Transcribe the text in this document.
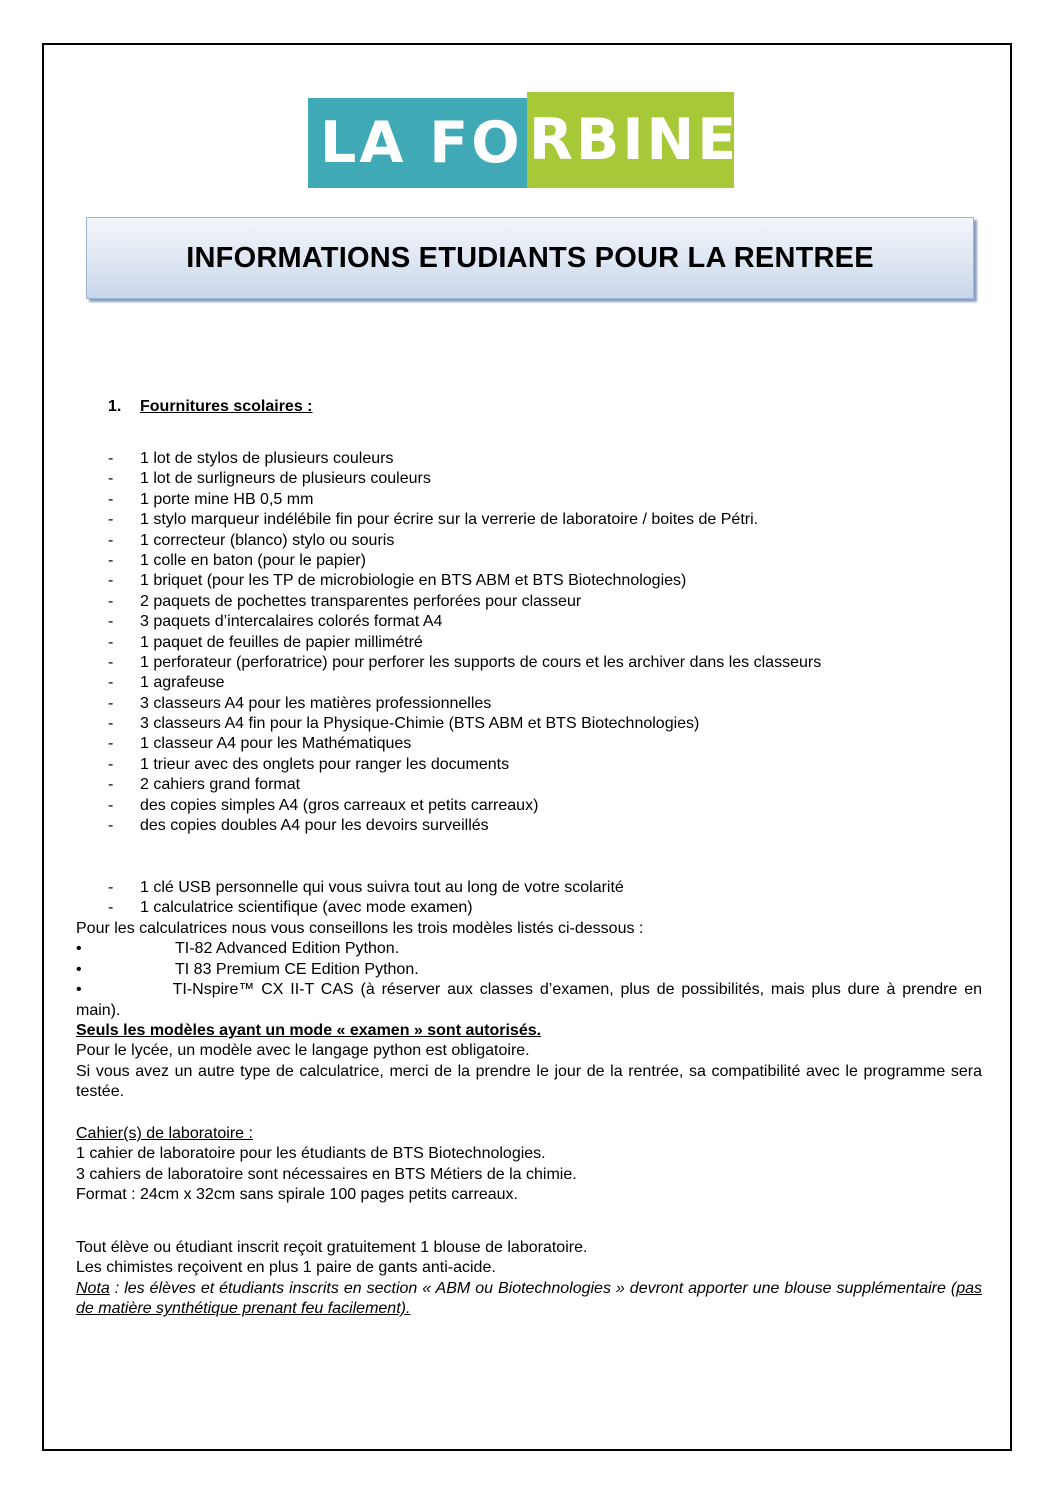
LA FO RBINE
INFORMATIONS ETUDIANTS POUR LA RENTREE
1. Fournitures scolaires :
- 1 lot de stylos de plusieurs couleurs
- 1 lot de surligneurs de plusieurs couleurs
- 1 porte mine HB 0,5 mm
- 1 stylo marqueur indélébile fin pour écrire sur la verrerie de laboratoire / boites de Pétri.
- 1 correcteur (blanco) stylo ou souris
- 1 colle en baton (pour le papier)
- 1 briquet (pour les TP de microbiologie en BTS ABM et BTS Biotechnologies)
- 2 paquets de pochettes transparentes perforées pour classeur
- 3 paquets d’intercalaires colorés format A4
- 1 paquet de feuilles de papier millimétré
- 1 perforateur (perforatrice) pour perforer les supports de cours et les archiver dans les classeurs
- 1 agrafeuse
- 3 classeurs A4 pour les matières professionnelles
- 3 classeurs A4 fin pour la Physique-Chimie (BTS ABM et BTS Biotechnologies)
- 1 classeur A4 pour les Mathématiques
- 1 trieur avec des onglets pour ranger les documents
- 2 cahiers grand format
- des copies simples A4 (gros carreaux et petits carreaux)
- des copies doubles A4 pour les devoirs surveillés
- 1 clé USB personnelle qui vous suivra tout au long de votre scolarité
- 1 calculatrice scientifique (avec mode examen)
Pour les calculatrices nous vous conseillons les trois modèles listés ci-dessous :
•	TI-82 Advanced Edition Python.
•	TI 83 Premium CE Edition Python.
•	TI-Nspire™ CX II-T CAS (à réserver aux classes d’examen, plus de possibilités, mais plus dure à prendre en main).
Seuls les modèles ayant un mode « examen » sont autorisés.
Pour le lycée, un modèle avec le langage python est obligatoire.
Si vous avez un autre type de calculatrice, merci de la prendre le jour de la rentrée, sa compatibilité avec le programme sera testée.
Cahier(s) de laboratoire :
1 cahier de laboratoire pour les étudiants de BTS Biotechnologies.
3 cahiers de laboratoire sont nécessaires en BTS Métiers de la chimie.
Format : 24cm x 32cm sans spirale 100 pages petits carreaux.
Tout élève ou étudiant inscrit reçoit gratuitement 1 blouse de laboratoire.
Les chimistes reçoivent en plus 1 paire de gants anti-acide.
Nota : les élèves et étudiants inscrits en section « ABM ou Biotechnologies » devront apporter une blouse supplémentaire (pas de matière synthétique prenant feu facilement).
